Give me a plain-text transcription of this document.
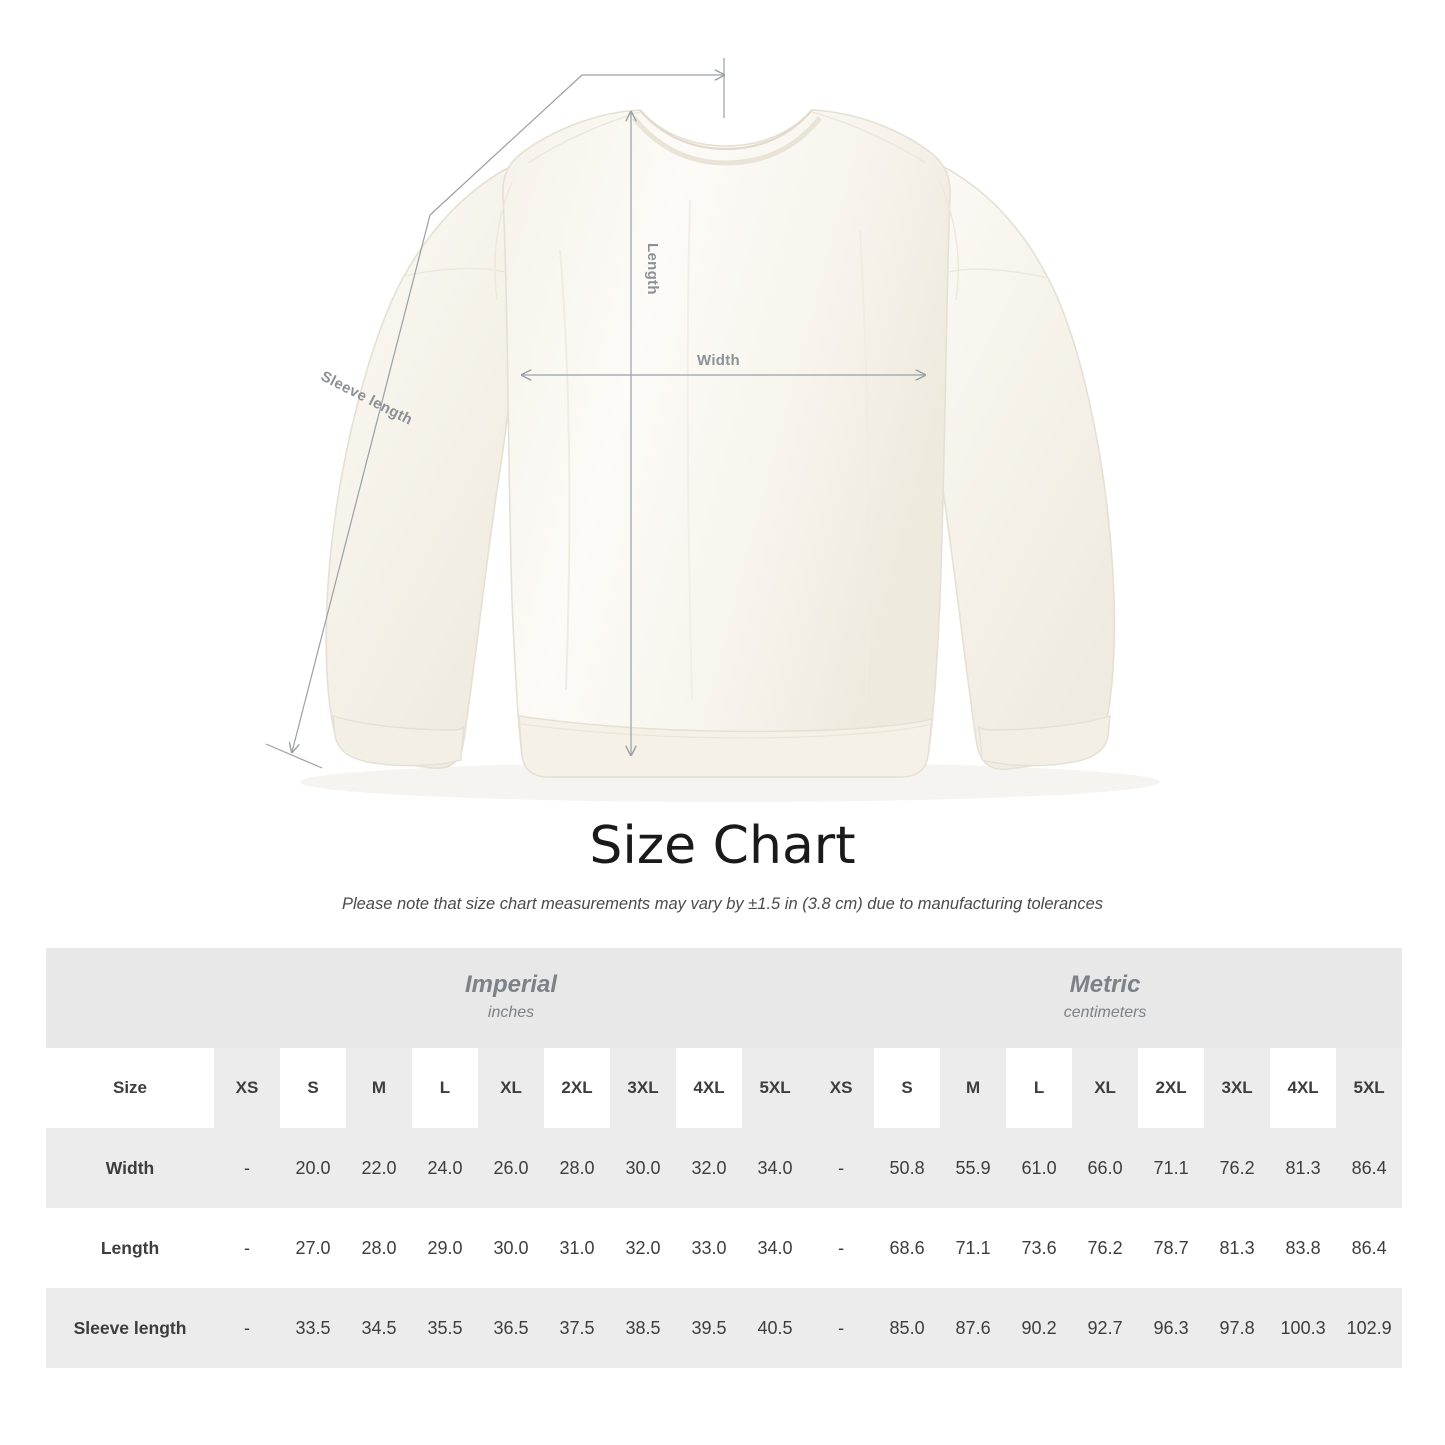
Length
Width
Sleeve length
Size Chart
Please note that size chart measurements may vary by ±1.5 in (3.8 cm) due to manufacturing tolerances

Imperial
inches

Metric
centimeters

Size	XS	S	M	L	XL	2XL	3XL	4XL	5XL	XS	S	M	L	XL	2XL	3XL	4XL	5XL
Width	-	20.0	22.0	24.0	26.0	28.0	30.0	32.0	34.0	-	50.8	55.9	61.0	66.0	71.1	76.2	81.3	86.4
Length	-	27.0	28.0	29.0	30.0	31.0	32.0	33.0	34.0	-	68.6	71.1	73.6	76.2	78.7	81.3	83.8	86.4
Sleeve length	-	33.5	34.5	35.5	36.5	37.5	38.5	39.5	40.5	-	85.0	87.6	90.2	92.7	96.3	97.8	100.3	102.9
